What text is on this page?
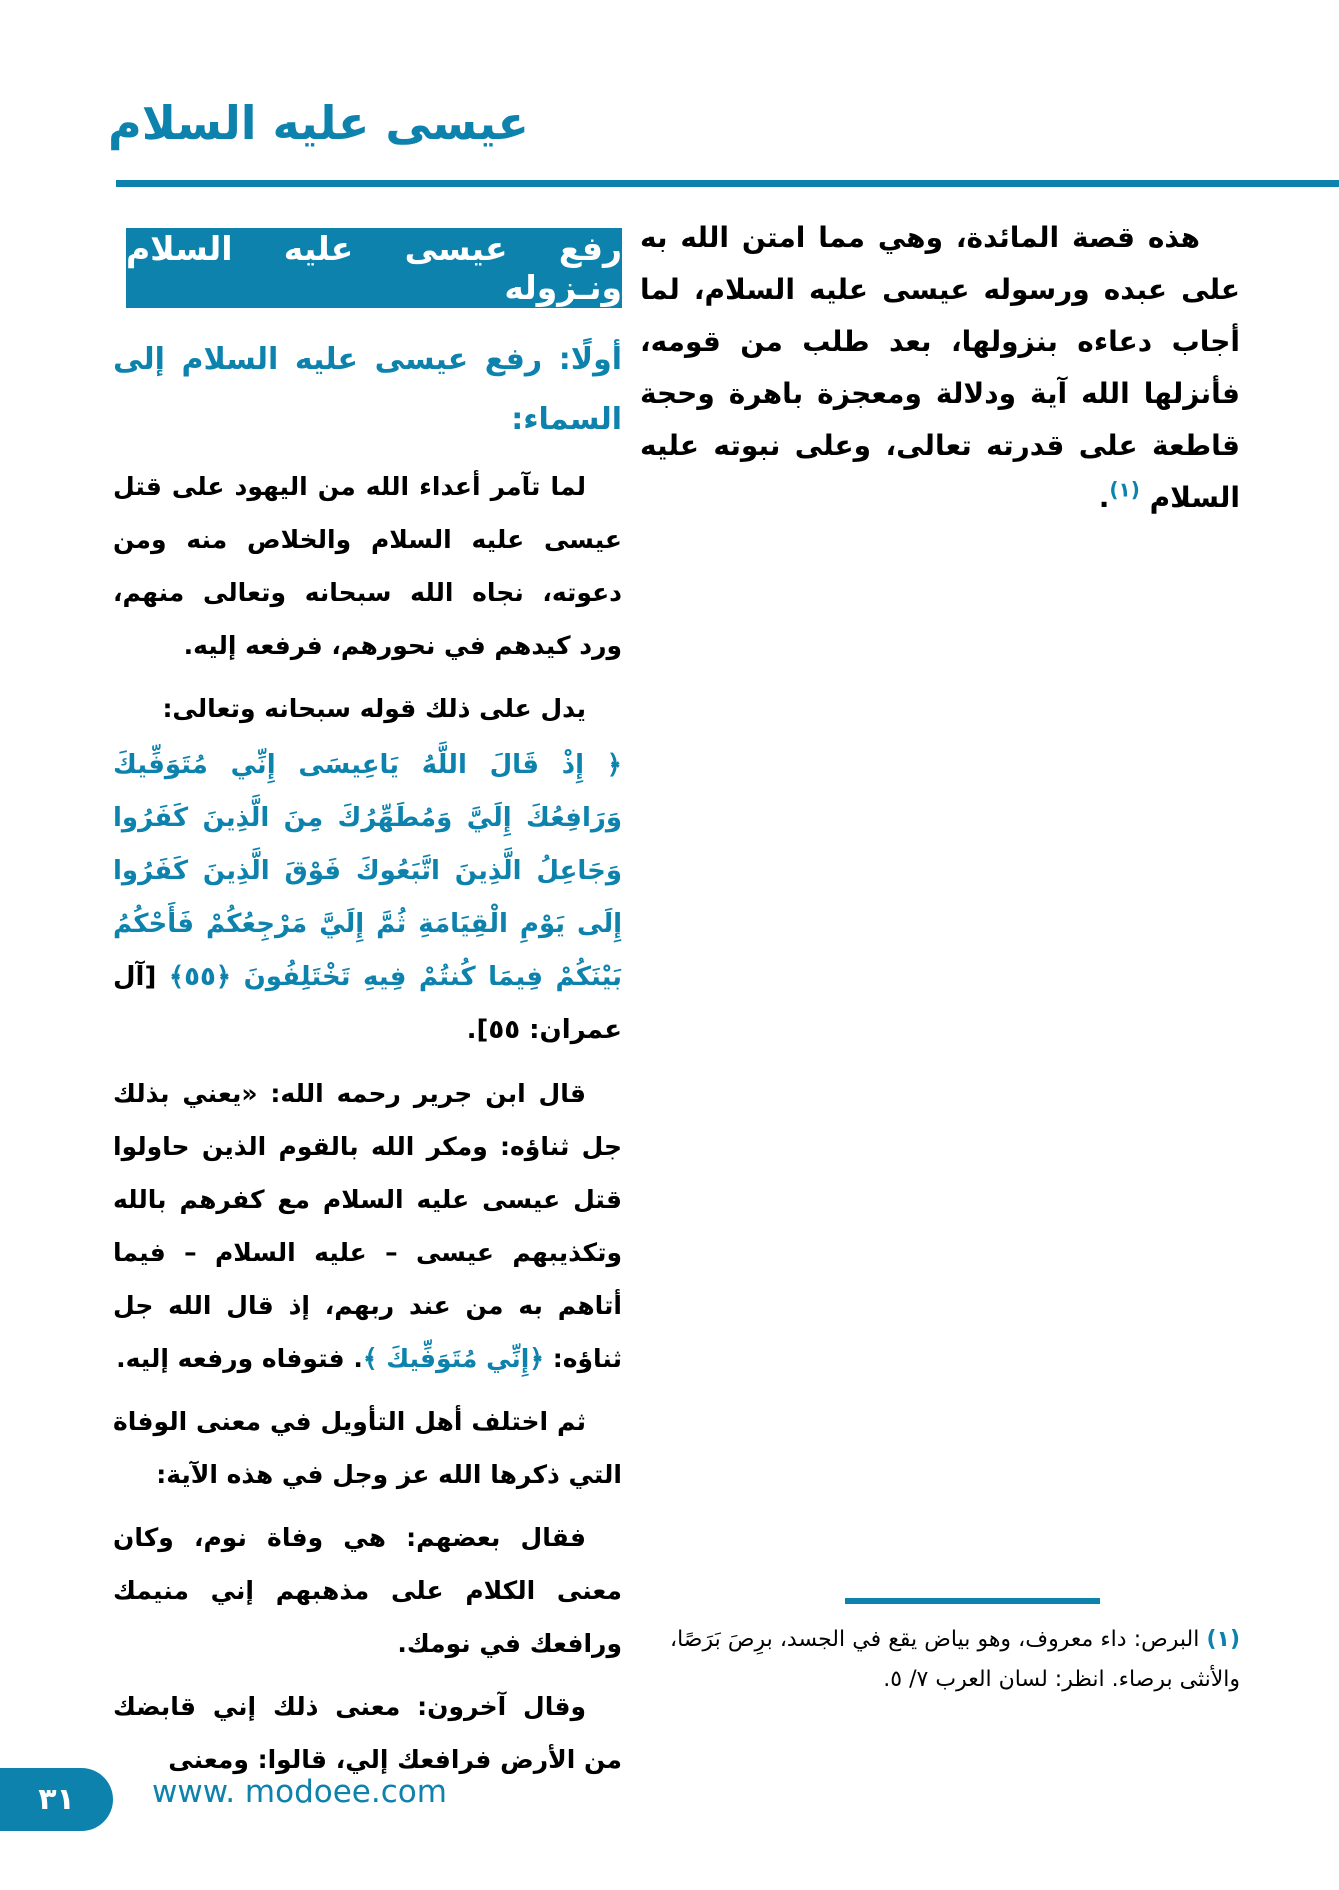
عيسى عليه السلام

هذه قصة المائدة، وهي مما امتن الله به على عبده ورسوله عيسى عليه السلام، لما أجاب دعاءه بنزولها، بعد طلب من قومه، فأنزلها الله آية ودلالة ومعجزة باهرة وحجة قاطعة على قدرته تعالى، وعلى نبوته عليه السلام $^{(١)}$.

رفع عيسى عليه السلام ونـزوله
أولًا: رفع عيسى عليه السلام إلى السماء:

لما تآمر أعداء الله من اليهود على قتل عيسى عليه السلام والخلاص منه ومن دعوته، نجاه الله سبحانه وتعالى منهم، ورد كيدهم في نحورهم، فرفعه إليه.

يدل على ذلك قوله سبحانه وتعالى:

﴿ إِذْ قَالَ اللَّهُ يَاعِيسَى إِنِّي مُتَوَفِّيكَ وَرَافِعُكَ إِلَيَّ وَمُطَهِّرُكَ مِنَ الَّذِينَ كَفَرُوا وَجَاعِلُ الَّذِينَ اتَّبَعُوكَ فَوْقَ الَّذِينَ كَفَرُوا إِلَى يَوْمِ الْقِيَامَةِ ثُمَّ إِلَيَّ مَرْجِعُكُمْ فَأَحْكُمُ بَيْنَكُمْ فِيمَا كُنتُمْ فِيهِ تَخْتَلِفُونَ ﴿٥٥﴾ [آل عمران: ٥٥].

قال ابن جرير رحمه الله: «يعني بذلك جل ثناؤه: ومكر الله بالقوم الذين حاولوا قتل عيسى عليه السلام مع كفرهم بالله وتكذيبهم عيسى – عليه السلام – فيما أتاهم به من عند ربهم، إذ قال الله جل ثناؤه: ﴿إِنِّي مُتَوَفِّيكَ ﴾. فتوفاه ورفعه إليه.

ثم اختلف أهل التأويل في معنى الوفاة التي ذكرها الله عز وجل في هذه الآية:

فقال بعضهم: هي وفاة نوم، وكان معنى الكلام على مذهبهم إني منيمك ورافعك في نومك.

وقال آخرون: معنى ذلك إني قابضك من الأرض فرافعك إلي، قالوا: ومعنى

(١) البرص: داء معروف، وهو بياض يقع في الجسد، برِصَ بَرَصًا، والأنثى برصاء. انظر: لسان العرب ٧/ ٥.

٣١ www. modoee.com
